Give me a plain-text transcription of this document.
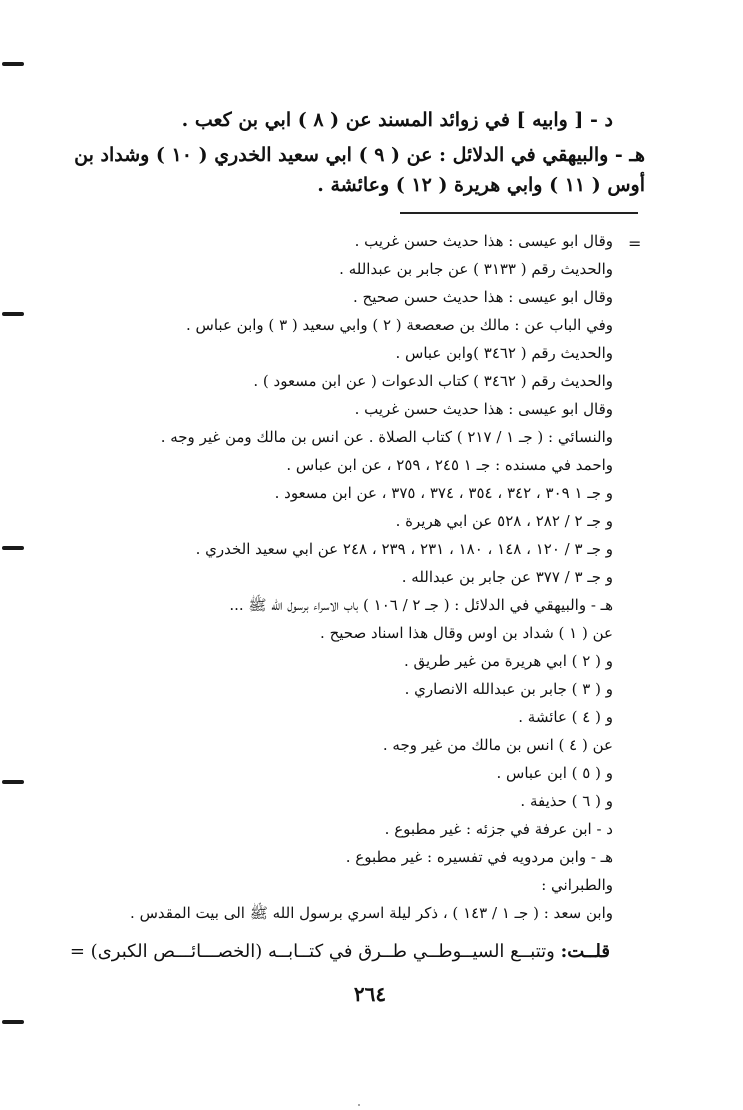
د - [ وابيه ] في زوائد المسند عن ( ٨ ) ابي بن كعب .
هـ - والبيهقي في الدلائل : عن ( ٩ ) ابي سعيد الخدري ( ١٠ ) وشداد بن
أوس ( ١١ ) وابي هريرة ( ١٢ ) وعائشة .
=
وقال ابو عيسى : هذا حديث حسن غريب .
والحديث رقم ( ٣١٣٣ ) عن جابر بن عبدالله .
وقال ابو عيسى : هذا حديث حسن صحيح .
وفي الباب عن : مالك بن صعصعة ( ٢ ) وابي سعيد ( ٣ ) وابن عباس .
والحديث رقم ( ٣٤٦٢ )وابن عباس .
والحديث رقم ( ٣٤٦٢ ) كتاب الدعوات ( عن ابن مسعود ) .
وقال ابو عيسى : هذا حديث حسن غريب .
والنسائي : ( جـ ١ / ٢١٧ ) كتاب الصلاة . عن انس بن مالك ومن غير وجه .
واحمد في مسنده : جـ ١ ٢٤٥ ، ٢٥٩ ، عن ابن عباس .
و جـ ١ ٣٠٩ ، ٣٤٢ ، ٣٥٤ ، ٣٧٤ ، ٣٧٥ ، عن ابن مسعود .
و جـ ٢ / ٢٨٢ ، ٥٢٨ عن ابي هريرة .
و جـ ٣ / ١٢٠ ، ١٤٨ ، ١٨٠ ، ٢٣١ ، ٢٣٩ ، ٢٤٨ عن ابي سعيد الخدري .
و جـ ٣ / ٣٧٧ عن جابر بن عبدالله .
هـ - والبيهقي في الدلائل : ( جـ ٢ / ١٠٦ ) باب الاسراء برسول الله ﷺ ...
عن ( ١ ) شداد بن اوس وقال هذا اسناد صحيح .
و ( ٢ ) ابي هريرة من غير طريق .
و ( ٣ ) جابر بن عبدالله الانصاري .
و ( ٤ ) عائشة .
عن ( ٤ ) انس بن مالك من غير وجه .
و ( ٥ ) ابن عباس .
و ( ٦ ) حذيفة .
د - ابن عرفة في جزئه : غير مطبوع .
هـ - وابن مردويه في تفسيره : غير مطبوع .
والطبراني :
وابن سعد : ( جـ ١ / ١٤٣ ) ، ذكر ليلة اسري برسول الله ﷺ الى بيت المقدس .
قلــت: وتتبــع السيــوطــي طــرق في كتــابــه (الخصـــائـــص الكبرى) =
٢٦٤
